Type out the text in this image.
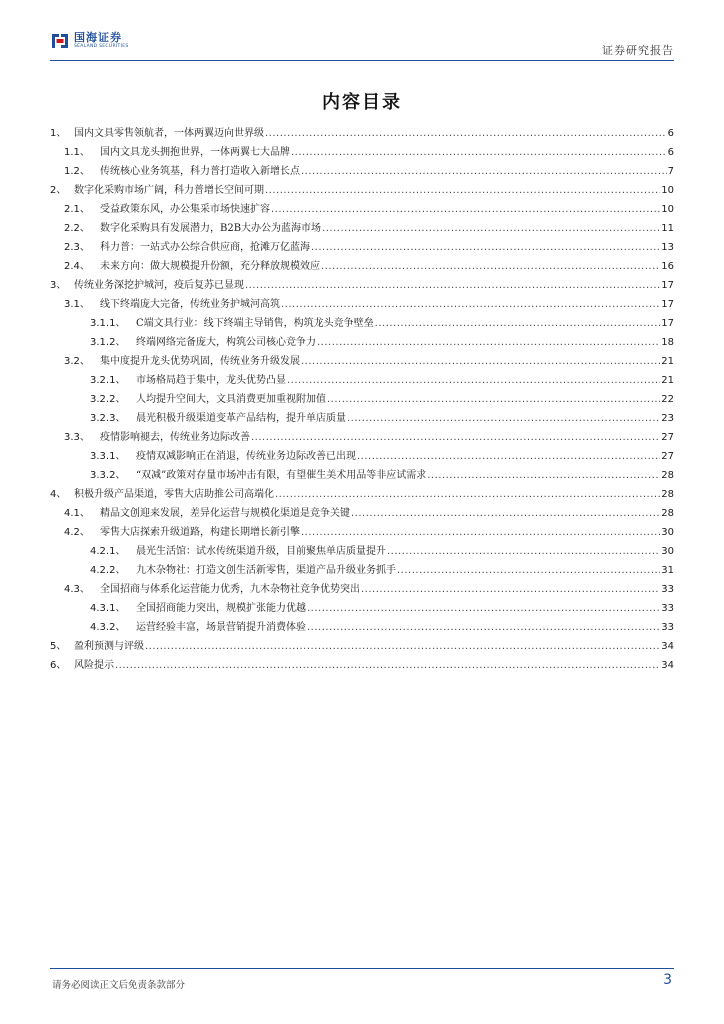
国海证券
SEALAND SECURITIES	证券研究报告
内容目录
1、 国内文具零售领航者，一体两翼迈向世界级 .....	6
1.1、	国内文具龙头拥抱世界，一体两翼七大品牌 .....	6
1.2、	传统核心业务筑基，科力普打造收入新增长点 .....	7
2、 数字化采购市场广阔，科力普增长空间可期 .....	10
2.1、	受益政策东风，办公集采市场快速扩容 .....	10
2.2、	数字化采购具有发展潜力，B2B大办公为蓝海市场 .....	11
2.3、	科力普：一站式办公综合供应商，抢滩万亿蓝海 .....	13
2.4、	未来方向：做大规模提升份额，充分释放规模效应 .....	16
3、 传统业务深挖护城河，疫后复苏已显现 .....	17
3.1、	线下终端庞大完备，传统业务护城河高筑 .....	17
3.1.1、	C端文具行业：线下终端主导销售，构筑龙头竞争壁垒 .....	17
3.1.2、	终端网络完备庞大，构筑公司核心竞争力 .....	18
3.2、	集中度提升龙头优势巩固，传统业务升级发展 .....	21
3.2.1、	市场格局趋于集中，龙头优势凸显 .....	21
3.2.2、	人均提升空间大，文具消费更加重视附加值 .....	22
3.2.3、	晨光积极升级渠道变革产品结构，提升单店质量 .....	23
3.3、	疫情影响褪去，传统业务边际改善 .....	27
3.3.1、	疫情双减影响正在消退，传统业务边际改善已出现 .....	27
3.3.2、	“双减”政策对存量市场冲击有限，有望催生美术用品等非应试需求 .....	28
4、 积极升级产品渠道，零售大店助推公司高端化 .....	28
4.1、	精品文创迎来发展，差异化运营与规模化渠道是竞争关键 .....	28
4.2、	零售大店探索升级道路，构建长期增长新引擎 .....	30
4.2.1、	晨光生活馆：试水传统渠道升级，目前聚焦单店质量提升 .....	30
4.2.2、	九木杂物社：打造文创生活新零售，渠道产品升级业务抓手 .....	31
4.3、	全国招商与体系化运营能力优秀，九木杂物社竞争优势突出 .....	33
4.3.1、	全国招商能力突出，规模扩张能力优越 .....	33
4.3.2、	运营经验丰富，场景营销提升消费体验 .....	33
5、 盈利预测与评级 .....	34
6、 风险提示 .....	34
请务必阅读正文后免责条款部分	3
